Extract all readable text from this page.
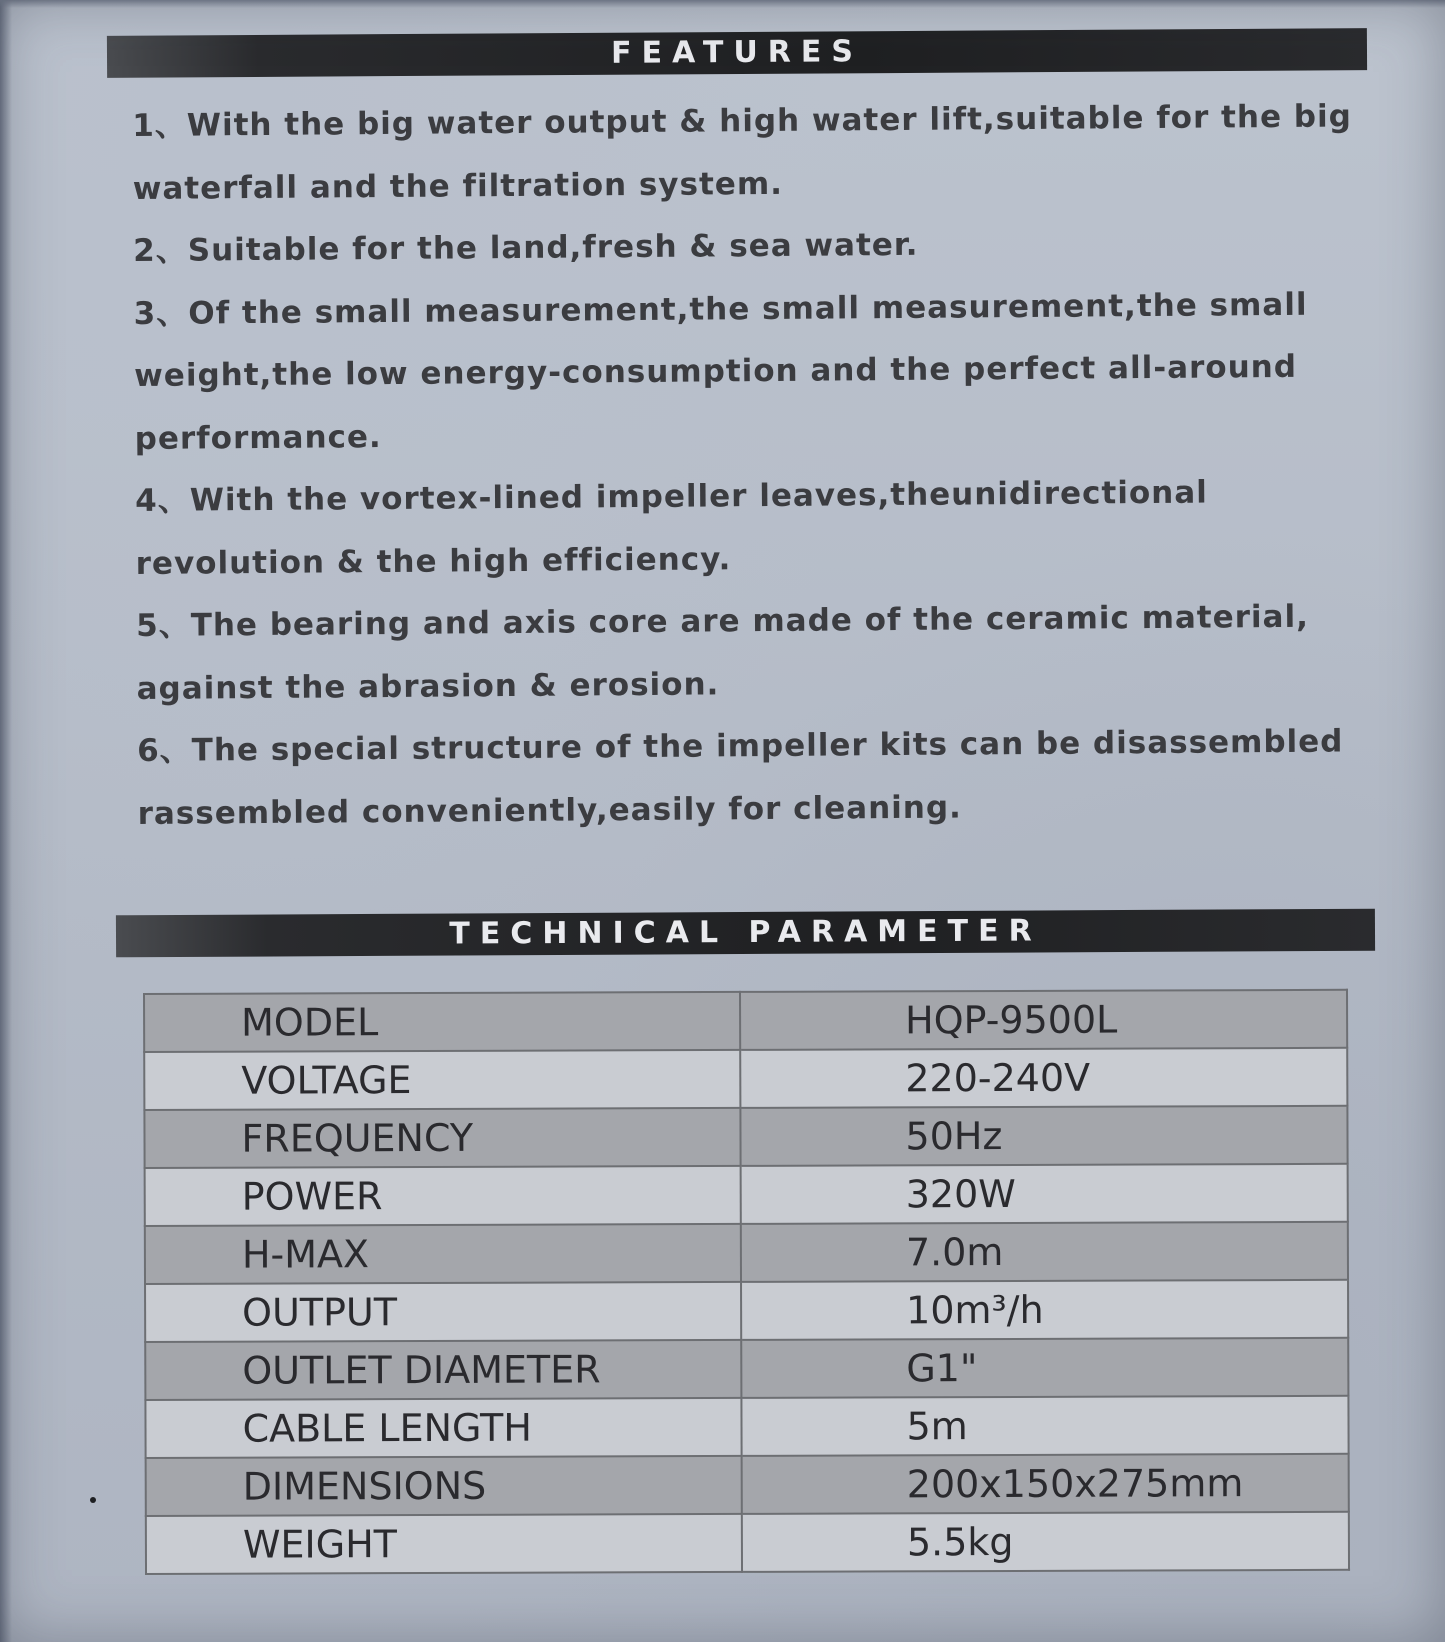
FEATURES
1、With the big water output & high water lift,suitable for the big
waterfall and the filtration system.
2、Suitable for the land,fresh & sea water.
3、Of the small measurement,the small measurement,the small
weight,the low energy-consumption and the perfect all-around
performance.
4、With the vortex-lined impeller leaves,theunidirectional
revolution & the high efficiency.
5、The bearing and axis core are made of the ceramic material,
against the abrasion & erosion.
6、The special structure of the impeller kits can be disassembled
rassembled conveniently,easily for cleaning.
TECHNICAL PARAMETER
MODEL	HQP-9500L
VOLTAGE	220-240V
FREQUENCY	50Hz
POWER	320W
H-MAX	7.0m
OUTPUT	10m³/h
OUTLET DIAMETER	G1"
CABLE LENGTH	5m
DIMENSIONS	200x150x275mm
WEIGHT	5.5kg
